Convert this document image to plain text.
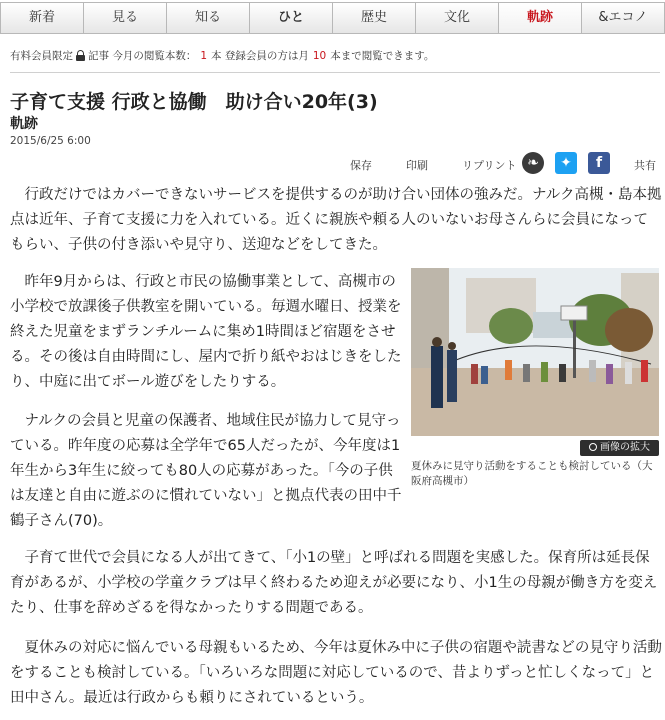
新着	見る	知る	ひと	歴史	文化	軌跡	&エコノ
有料会員限定 記事 今月の閲覧本数： 1 本 登録会員の方は月 10 本まで閲覧できます。
子育て支援 行政と協働　助け合い20年(3)
軌跡
2015/6/25 6:00
保存	印刷	リプリント ❧	✦	f	共有

行政だけではカバーできないサービスを提供するのが助け合い団体の強みだ。ナルク高槻・島本拠点は近年、子育て支援に力を入れている。近くに親族や頼る人のいないお母さんらに会員になってもらい、子供の付き添いや見守り、送迎などをしてきた。

昨年9月からは、行政と市民の協働事業として、高槻市の小学校で放課後子供教室を開いている。毎週水曜日、授業を終えた児童をまずランチルームに集め1時間ほど宿題をさせる。その後は自由時間にし、屋内で折り紙やおはじきをしたり、中庭に出てボール遊びをしたりする。

ナルクの会員と児童の保護者、地域住民が協力して見守っている。昨年度の応募は全学年で65人だったが、今年度は1年生から3年生に絞っても80人の応募があった。「今の子供は友達と自由に遊ぶのに慣れていない」と拠点代表の田中千鶴子さん(70)。

画像の拡大

夏休みに見守り活動をすることも検討している（大阪府高槻市）

子育て世代で会員になる人が出てきて、「小1の壁」と呼ばれる問題を実感した。保育所は延長保育があるが、小学校の学童クラブは早く終わるため迎えが必要になり、小1生の母親が働き方を変えたり、仕事を辞めざるを得なかったりする問題である。

夏休みの対応に悩んでいる母親もいるため、今年は夏休み中に子供の宿題や読書などの見守り活動をすることも検討している。「いろいろな問題に対応しているので、昔よりずっと忙しくなって」と田中さん。最近は行政からも頼りにされているという。
